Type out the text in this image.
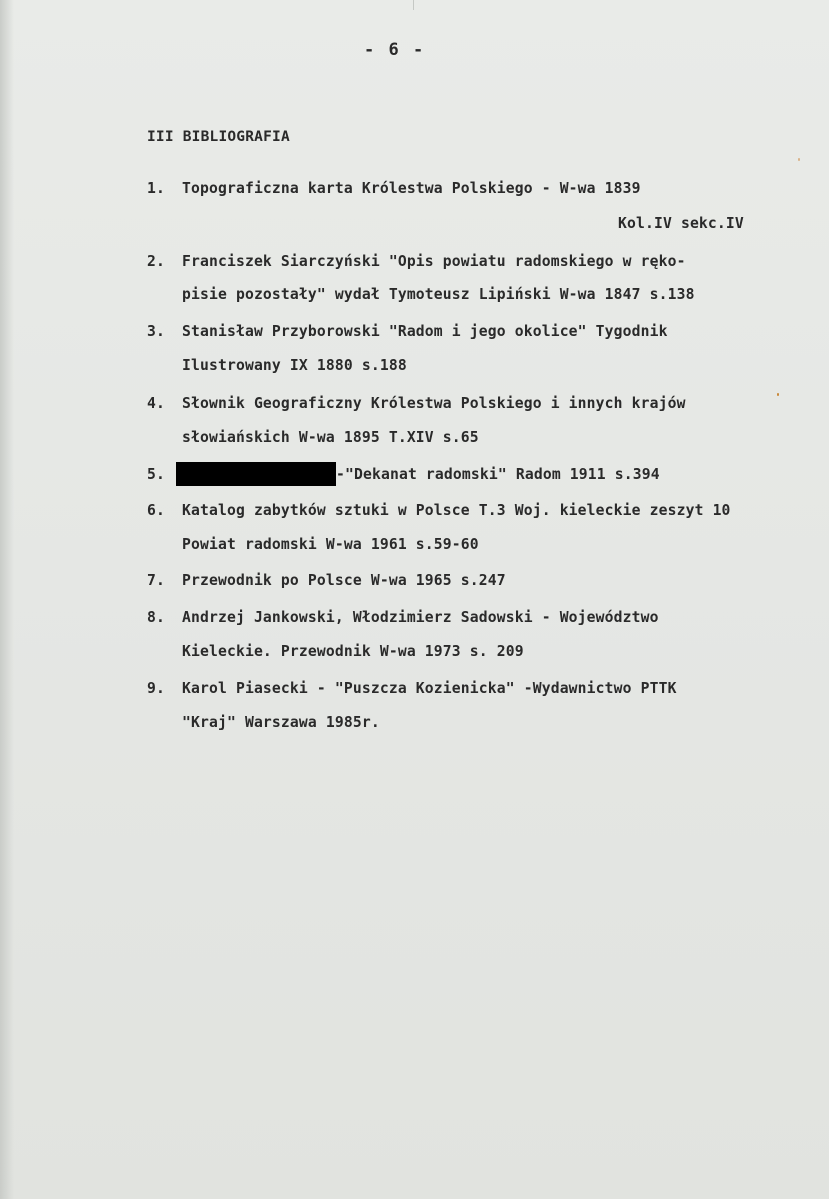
- 6 -
III BIBLIOGRAFIA
1. Topograficzna karta Królestwa Polskiego - W-wa 1839
Kol.IV sekc.IV
2. Franciszek Siarczyński "Opis powiatu radomskiego w ręko-
pisie pozostały" wydał Tymoteusz Lipiński W-wa 1847 s.138
3. Stanisław Przyborowski "Radom i jego okolice" Tygodnik
Ilustrowany IX 1880 s.188
4. Słownik Geograficzny Królestwa Polskiego i innych krajów
słowiańskich W-wa 1895 T.XIV s.65
5.	-"Dekanat radomski" Radom 1911 s.394
6. Katalog zabytków sztuki w Polsce T.3 Woj. kieleckie zeszyt 10
Powiat radomski W-wa 1961 s.59-60
7. Przewodnik po Polsce W-wa 1965 s.247
8. Andrzej Jankowski, Włodzimierz Sadowski - Województwo
Kieleckie. Przewodnik W-wa 1973 s. 209
9. Karol Piasecki - "Puszcza Kozienicka" -Wydawnictwo PTTK
"Kraj" Warszawa 1985r.
